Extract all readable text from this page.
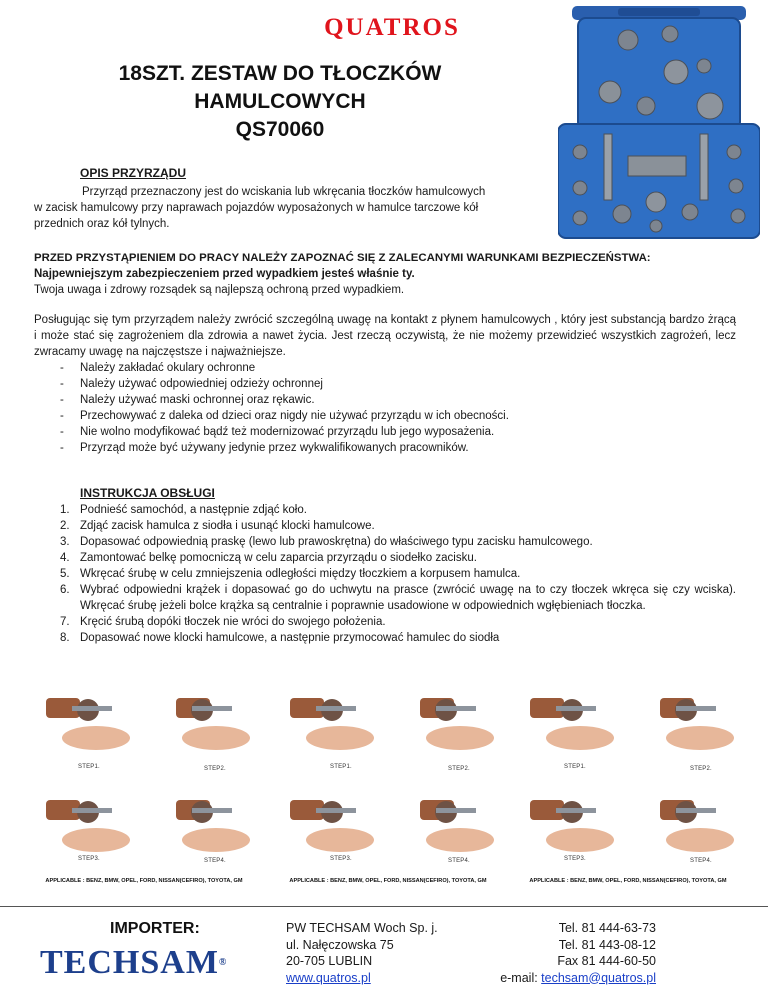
QUATROS
18SZT. ZESTAW DO TŁOCZKÓW
HAMULCOWYCH
QS70060
OPIS PRZYRZĄDU
Przyrząd przeznaczony jest do wciskania lub wkręcania tłoczków hamulcowych
w zacisk hamulcowy przy naprawach pojazdów wyposażonych w hamulce tarczowe kół
przednich oraz kół tylnych.
PRZED PRZYSTĄPIENIEM DO PRACY NALEŻY ZAPOZNAĆ SIĘ Z ZALECANYMI WARUNKAMI BEZPIECZEŃSTWA:
Najpewniejszym zabezpieczeniem przed wypadkiem jesteś właśnie ty.
Twoja uwaga i zdrowy rozsądek są najlepszą ochroną przed wypadkiem.
Posługując się tym przyrządem należy zwrócić szczególną uwagę na kontakt z płynem hamulcowych , który jest substancją bardzo żrącą i może stać się zagrożeniem dla zdrowia a nawet życia. Jest rzeczą oczywistą, że nie możemy przewidzieć wszystkich zagrożeń, lecz zwracamy uwagę na najczęstsze i najważniejsze.
- Należy zakładać okulary ochronne
- Należy używać odpowiedniej odzieży ochronnej
- Należy używać maski ochronnej oraz rękawic.
- Przechowywać z daleka od dzieci oraz nigdy nie używać przyrządu w ich obecności.
- Nie wolno modyfikować bądź też modernizować przyrządu lub jego wyposażenia.
- Przyrząd może być używany jedynie przez wykwalifikowanych pracowników.
INSTRUKCJA OBSŁUGI
1. Podnieść samochód, a następnie zdjąć koło.
2. Zdjąć zacisk hamulca z siodła i usunąć klocki hamulcowe.
3. Dopasować odpowiednią praskę (lewo lub prawoskrętna) do właściwego typu zacisku hamulcowego.
4. Zamontować belkę pomocniczą w celu zaparcia przyrządu o siodełko zacisku.
5. Wkręcać śrubę w celu zmniejszenia odległości między tłoczkiem a korpusem hamulca.
6. Wybrać odpowiedni krążek i dopasować go do uchwytu na prasce (zwrócić uwagę na to czy tłoczek wkręca się czy wciska). Wkręcać śrubę jeżeli bolce krążka są centralnie i poprawnie usadowione w odpowiednich wgłębieniach tłoczka.
7. Kręcić śrubą dopóki tłoczek nie wróci do swojego położenia.
8. Dopasować nowe klocki hamulcowe, a następnie przymocować hamulec do siodła
STEP1.	STEP2.
STEP3.	STEP4.
APPLICABLE : BENZ, BMW, OPEL, FORD, NISSAN(CEFIRO), TOYOTA, GM
STEP1.	STEP2.
STEP3.	STEP4.
APPLICABLE : BENZ, BMW, OPEL, FORD, NISSAN(CEFIRO), TOYOTA, GM
STEP1.	STEP2.
STEP3.	STEP4.
APPLICABLE : BENZ, BMW, OPEL, FORD, NISSAN(CEFIRO), TOYOTA, GM
IMPORTER:
TECHSAM®
PW TECHSAM Woch Sp. j.
ul. Nałęczowska 75
20-705 LUBLIN
www.quatros.pl
Tel. 81 444-63-73
Tel. 81 443-08-12
Fax 81 444-60-50
e-mail: techsam@quatros.pl
